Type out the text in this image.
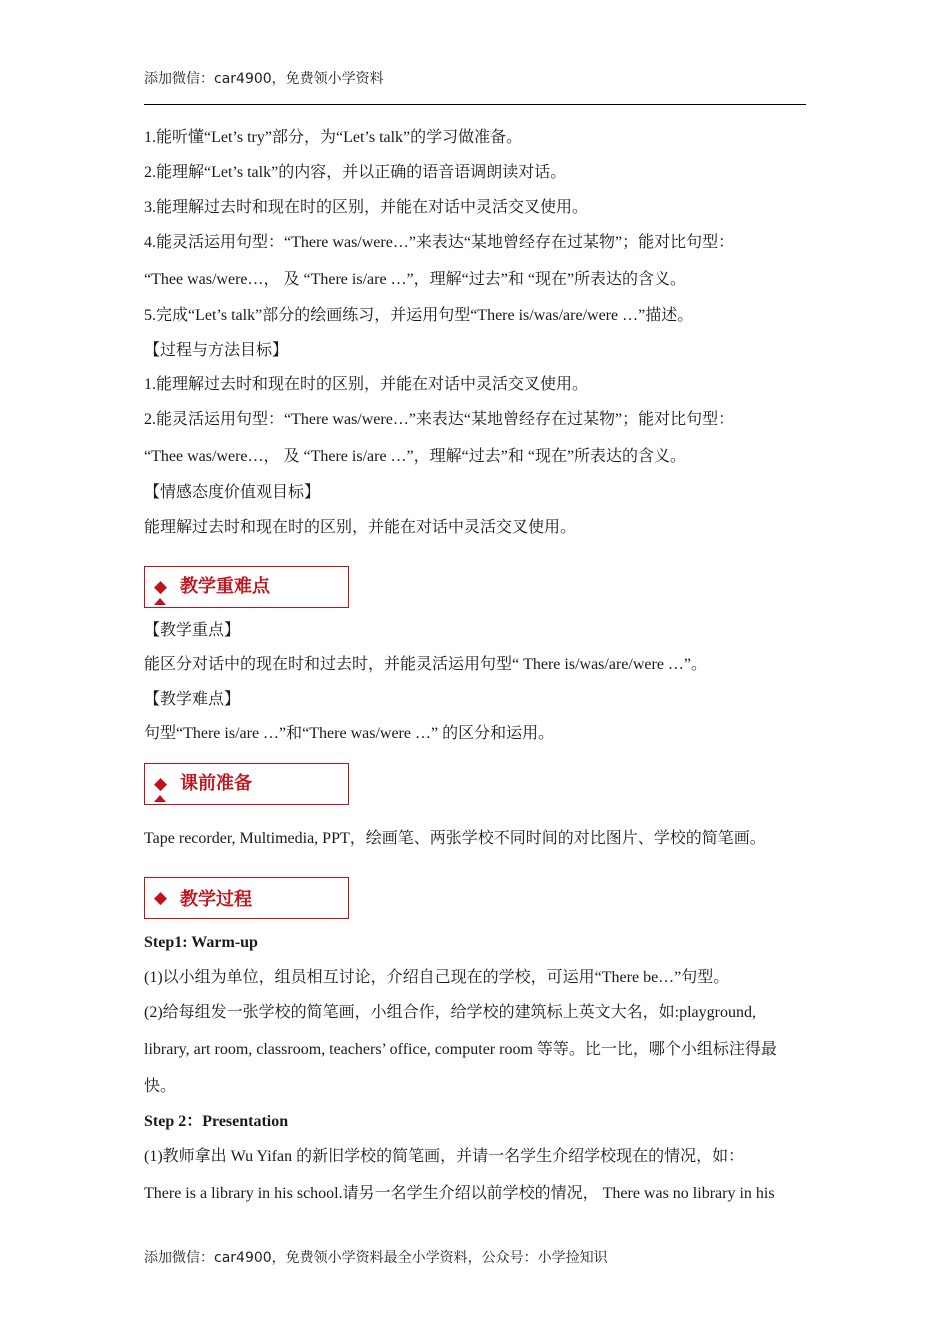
添加微信：car4900，免费领小学资料
1.能听懂“Let’s try”部分，为“Let’s talk”的学习做准备。
2.能理解“Let’s talk”的内容，并以正确的语音语调朗读对话。
3.能理解过去时和现在时的区别，并能在对话中灵活交叉使用。
4.能灵活运用句型：“There was/were…”来表达“某地曾经存在过某物”；能对比句型：
“Thee was/were…， 及 “There is/are …”，理解“过去”和 “现在”所表达的含义。
5.完成“Let’s talk”部分的绘画练习，并运用句型“There is/was/are/were …”描述。
【过程与方法目标】
1.能理解过去时和现在时的区别，并能在对话中灵活交叉使用。
2.能灵活运用句型：“There was/were…”来表达“某地曾经存在过某物”；能对比句型：
“Thee was/were…， 及 “There is/are …”，理解“过去”和 “现在”所表达的含义。
【情感态度价值观目标】
能理解过去时和现在时的区别，并能在对话中灵活交叉使用。
◆ 教学重难点
【教学重点】
能区分对话中的现在时和过去时，并能灵活运用句型“ There is/was/are/were …”。
【教学难点】
句型“There is/are …”和“There was/were …” 的区分和运用。
◆ 课前准备
Tape recorder, Multimedia, PPT，绘画笔、两张学校不同时间的对比图片、学校的简笔画。
◆ 教学过程
Step1: Warm-up
(1)以小组为单位，组员相互讨论，介绍自己现在的学校，可运用“There be…”句型。
(2)给每组发一张学校的简笔画，小组合作，给学校的建筑标上英文大名，如:playground,
library, art room, classroom, teachers’ office, computer room 等等。比一比，哪个小组标注得最
快。
Step 2：Presentation
(1)教师拿出 Wu Yifan 的新旧学校的简笔画，并请一名学生介绍学校现在的情况，如：
There is a library in his school.请另一名学生介绍以前学校的情况， There was no library in his
添加微信：car4900，免费领小学资料最全小学资料，公众号：小学捡知识
